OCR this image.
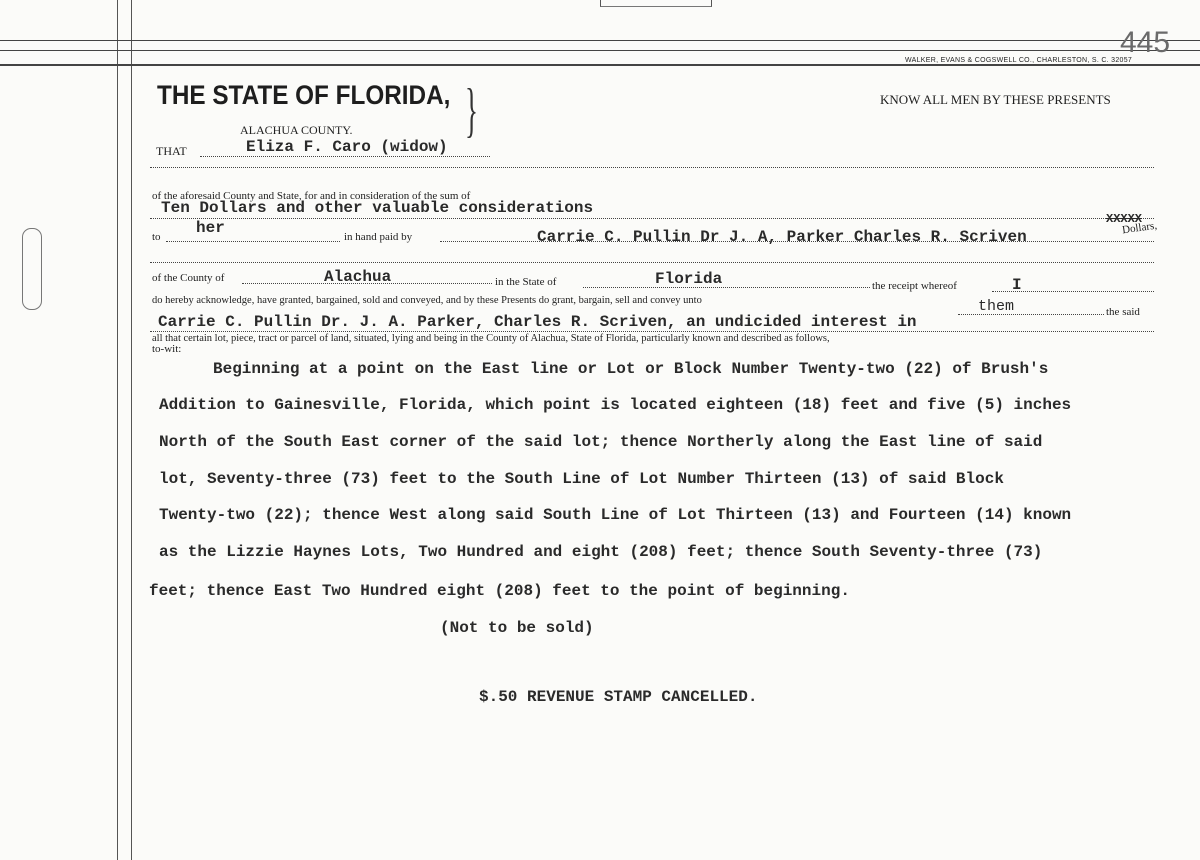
445
WALKER, EVANS & COGSWELL CO., CHARLESTON, S. C. 32057
THE STATE OF FLORIDA, }	KNOW ALL MEN BY THESE PRESENTS
ALACHUA COUNTY.
THAT	Eliza F. Caro (widow)
of the aforesaid County and State, for and in consideration of the sum of
Ten Dollars and other valuable considerations
Dollars,
XXXXX
to her	in hand paid by	Carrie C. Pullin Dr J. A, Parker Charles R. Scriven
of the County of	Alachua	in the State of	Florida	the receipt whereof	I
do hereby acknowledge, have granted, bargained, sold and conveyed, and by these Presents do grant, bargain, sell and convey unto	them	the said
Carrie C. Pullin Dr. J. A. Parker, Charles R. Scriven, an undicided interest in
all that certain lot, piece, tract or parcel of land, situated, lying and being in the County of Alachua, State of Florida, particularly known and described as follows,
to-wit:
Beginning at a point on the East line or Lot or Block Number Twenty-two (22) of Brush's
Addition to Gainesville, Florida, which point is located eighteen (18) feet and five (5) inches
North of the South East corner of the said lot; thence Northerly along the East line of said
lot, Seventy-three (73) feet to the South Line of Lot Number Thirteen (13) of said Block
Twenty-two (22); thence West along said South Line of Lot Thirteen (13) and Fourteen (14) known
as the Lizzie Haynes Lots, Two Hundred and eight (208) feet; thence South Seventy-three (73)
feet; thence East Two Hundred eight (208) feet to the point of beginning.
(Not to be sold)
$.50 REVENUE STAMP CANCELLED.
